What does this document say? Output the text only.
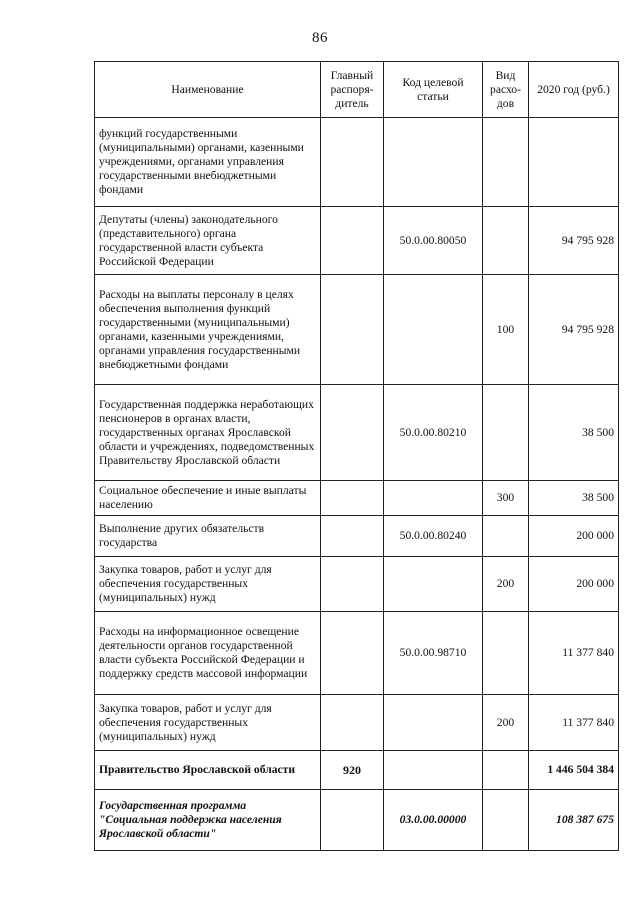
86
Наименование	Главный распоря-дитель	Код целевой статьи	Вид расхо-дов	2020 год (руб.)
функций государственными (муниципальными) органами, казенными учреждениями, органами управления государственными внебюджетными фондами				
Депутаты (члены) законодательного (представительного) органа государственной власти субъекта Российской Федерации		50.0.00.80050		94 795 928
Расходы на выплаты персоналу в целях обеспечения выполнения функций государственными (муниципальными) органами, казенными учреждениями, органами управления государственными внебюджетными фондами			100	94 795 928
Государственная поддержка неработающих пенсионеров в органах власти, государственных органах Ярославской области и учреждениях, подведомственных Правительству Ярославской области		50.0.00.80210		38 500
Социальное обеспечение и иные выплаты населению			300	38 500
Выполнение других обязательств государства		50.0.00.80240		200 000
Закупка товаров, работ и услуг для обеспечения государственных (муниципальных) нужд			200	200 000
Расходы на информационное освещение деятельности органов государственной власти субъекта Российской Федерации и поддержку средств массовой информации		50.0.00.98710		11 377 840
Закупка товаров, работ и услуг для обеспечения государственных (муниципальных) нужд			200	11 377 840
Правительство Ярославской области	920			1 446 504 384
Государственная программа "Социальная поддержка населения Ярославской области"		03.0.00.00000		108 387 675
